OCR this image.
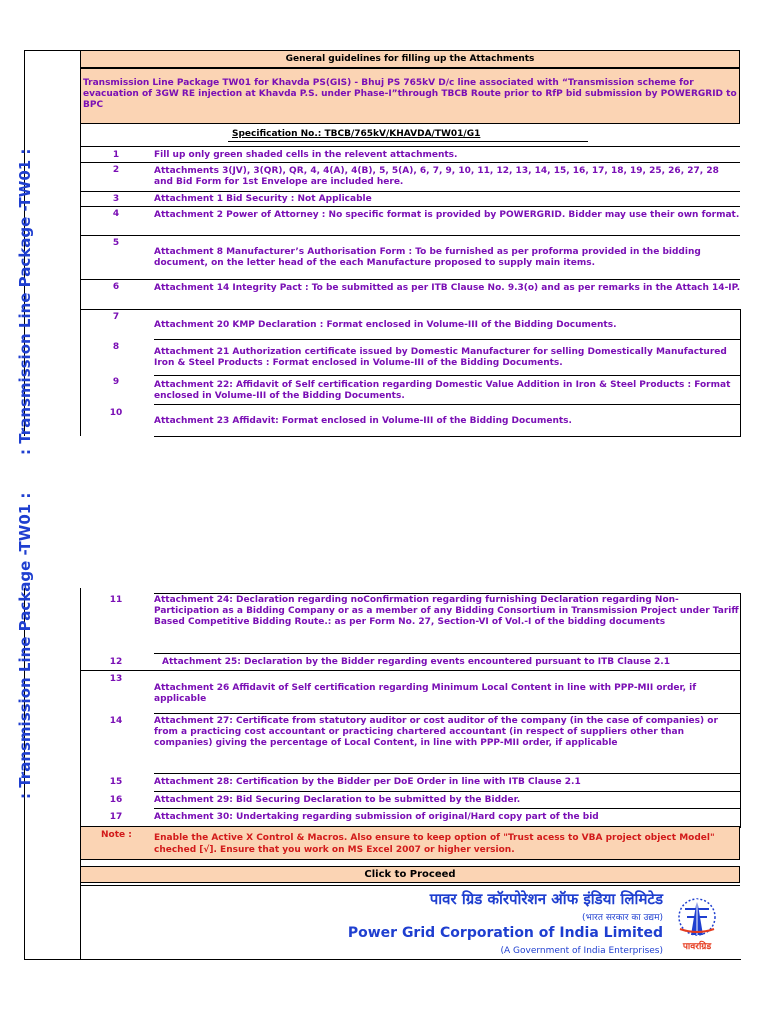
: Transmission Line Package -TW01 :
: Transmission Line Package -TW01 :
General guidelines for filling up the Attachments
Transmission Line Package TW01 for Khavda PS(GIS) - Bhuj PS 765kV D/c line associated with “Transmission scheme for evacuation of 3GW RE injection at Khavda P.S. under Phase-I”through TBCB Route prior to RfP bid submission by POWERGRID to BPC
Specification No.: TBCB/765kV/KHAVDA/TW01/G1
1
2
3
4
5
6
7
8
9
10
Fill up only green shaded cells in the relevent attachments.
Attachments 3(JV), 3(QR), QR, 4, 4(A), 4(B), 5, 5(A), 6, 7, 9, 10, 11, 12, 13, 14, 15, 16, 17, 18, 19, 25, 26, 27, 28 and Bid Form for 1st Envelope are included here.
Attachment 1 Bid Security : Not Applicable
Attachment 2 Power of Attorney : No specific format is provided by POWERGRID. Bidder may use their own format.
Attachment 8 Manufacturer’s Authorisation Form : To be furnished as per proforma provided in the bidding document, on the letter head of the each Manufacture proposed to supply main items.
Attachment 14 Integrity Pact : To be submitted as per ITB Clause No. 9.3(o) and as per remarks in the Attach 14-IP.
Attachment 20 KMP Declaration : Format enclosed in Volume-III of the Bidding Documents.
Attachment 21 Authorization certificate issued by Domestic Manufacturer for selling Domestically Manufactured Iron & Steel Products : Format enclosed in Volume-III of the Bidding Documents.
Attachment 22: Affidavit of Self certification regarding Domestic Value Addition in Iron & Steel Products : Format enclosed in Volume-III of the Bidding Documents.
Attachment 23 Affidavit: Format enclosed in Volume-III of the Bidding Documents.
11
12
13
14
15
16
17
Attachment 24: Declaration regarding noConfirmation regarding furnishing Declaration regarding Non-Participation as a Bidding Company or as a member of any Bidding Consortium in Transmission Project under Tariff Based Competitive Bidding Route.: as per Form No. 27, Section-VI of Vol.-I of the bidding documents
Attachment 25: Declaration by the Bidder regarding events encountered pursuant to ITB Clause 2.1
Attachment 26 Affidavit of Self certification regarding Minimum Local Content in line with PPP-MII order, if applicable
Attachment 27: Certificate from statutory auditor or cost auditor of the company (in the case of companies) or from a practicing cost accountant or practicing chartered accountant (in respect of suppliers other than companies) giving the percentage of Local Content, in line with PPP-MII order, if applicable
Attachment 28: Certification by the Bidder per DoE Order in line with ITB Clause 2.1
Attachment 29: Bid Securing Declaration to be submitted by the Bidder.
Attachment 30: Undertaking regarding submission of original/Hard copy part of the bid
Note : Enable the Active X Control & Macros. Also ensure to keep option of "Trust acess to VBA project object Model" cheched [√]. Ensure that you work on MS Excel 2007 or higher version.
Click to Proceed
पावर ग्रिड कॉरपोरेशन ऑफ इंडिया लिमिटेड
(भारत सरकार का उद्यम)
Power Grid Corporation of India Limited
(A Government of India Enterprises)	पावरग्रिड
